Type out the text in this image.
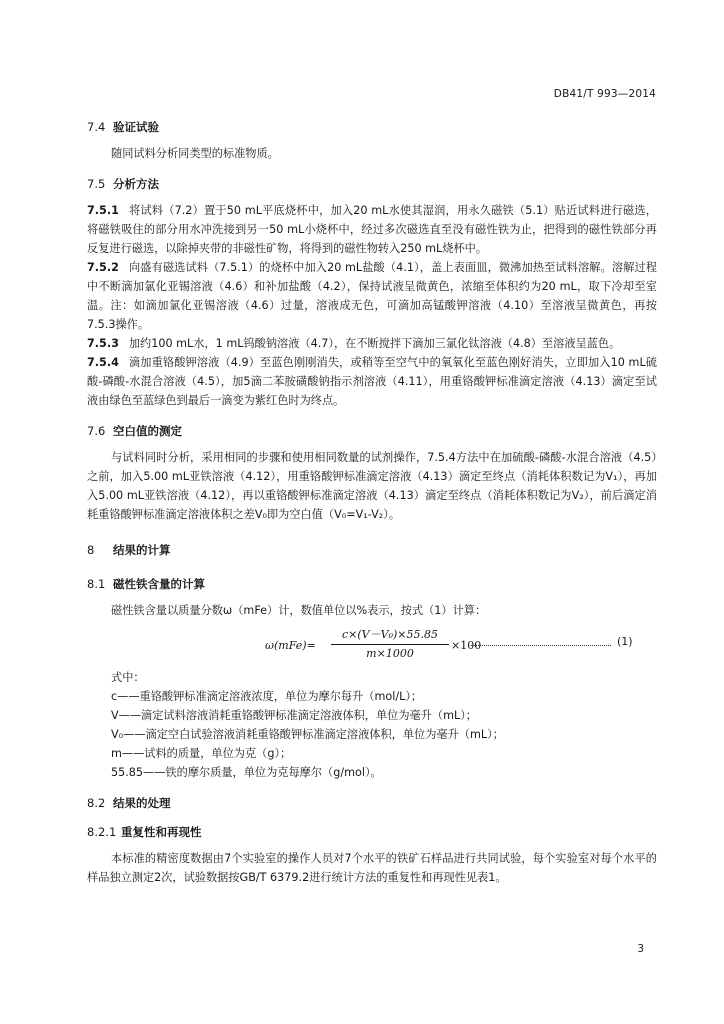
DB41/T 993—2014
7.4 验证试验

随同试料分析同类型的标准物质。

7.5 分析方法

7.5.1 将试料（7.2）置于50 mL平底烧杯中，加入20 mL水使其湿润，用永久磁铁（5.1）贴近试料进行磁选，将磁铁吸住的部分用水冲洗接到另一50 mL小烧杯中，经过多次磁选直至没有磁性铁为止，把得到的磁性铁部分再反复进行磁选，以除掉夹带的非磁性矿物，将得到的磁性物转入250 mL烧杯中。

7.5.2 向盛有磁选试料（7.5.1）的烧杯中加入20 mL盐酸（4.1），盖上表面皿，微沸加热至试料溶解。溶解过程中不断滴加氯化亚锡溶液（4.6）和补加盐酸（4.2），保持试液呈微黄色，浓缩至体积约为20 mL，取下冷却至室温。注：如滴加氯化亚锡溶液（4.6）过量，溶液成无色，可滴加高锰酸钾溶液（4.10）至溶液呈微黄色，再按7.5.3操作。

7.5.3 加约100 mL水，1 mL钨酸钠溶液（4.7），在不断搅拌下滴加三氯化钛溶液（4.8）至溶液呈蓝色。

7.5.4 滴加重铬酸钾溶液（4.9）至蓝色刚刚消失，或稍等至空气中的氧氧化至蓝色刚好消失，立即加入10 mL硫酸-磷酸-水混合溶液（4.5），加5滴二苯胺磺酸钠指示剂溶液（4.11），用重铬酸钾标准滴定溶液（4.13）滴定至试液由绿色至蓝绿色到最后一滴变为紫红色时为终点。

7.6 空白值的测定

与试料同时分析，采用相同的步骤和使用相同数量的试剂操作，7.5.4方法中在加硫酸-磷酸-水混合溶液（4.5）之前，加入5.00 mL亚铁溶液（4.12），用重铬酸钾标准滴定溶液（4.13）滴定至终点（消耗体积数记为V₁），再加入5.00 mL亚铁溶液（4.12），再以重铬酸钾标准滴定溶液（4.13）滴定至终点（消耗体积数记为V₂），前后滴定消耗重铬酸钾标准滴定溶液体积之差V₀即为空白值（V₀=V₁-V₂）。

8 结果的计算
8.1 磁性铁含量的计算

磁性铁含量以质量分数ω（mFe）计，数值单位以%表示，按式（1）计算：

$\omega(mFe)= \frac{\text{c×(V－V₀)×55.85}}{m\times 1000} \times 100$	(1)

式中：

c——重铬酸钾标准滴定溶液浓度，单位为摩尔每升（mol/L）；

V——滴定试料溶液消耗重铬酸钾标准滴定溶液体积，单位为毫升（mL）；

V₀——滴定空白试验溶液消耗重铬酸钾标准滴定溶液体积，单位为毫升（mL）；

m——试料的质量，单位为克（g）；

55.85——铁的摩尔质量，单位为克每摩尔（g/mol）。

8.2 结果的处理
8.2.1 重复性和再现性

本标准的精密度数据由7个实验室的操作人员对7个水平的铁矿石样品进行共同试验，每个实验室对每个水平的样品独立测定2次，试验数据按GB/T 6379.2进行统计方法的重复性和再现性见表1。

3
